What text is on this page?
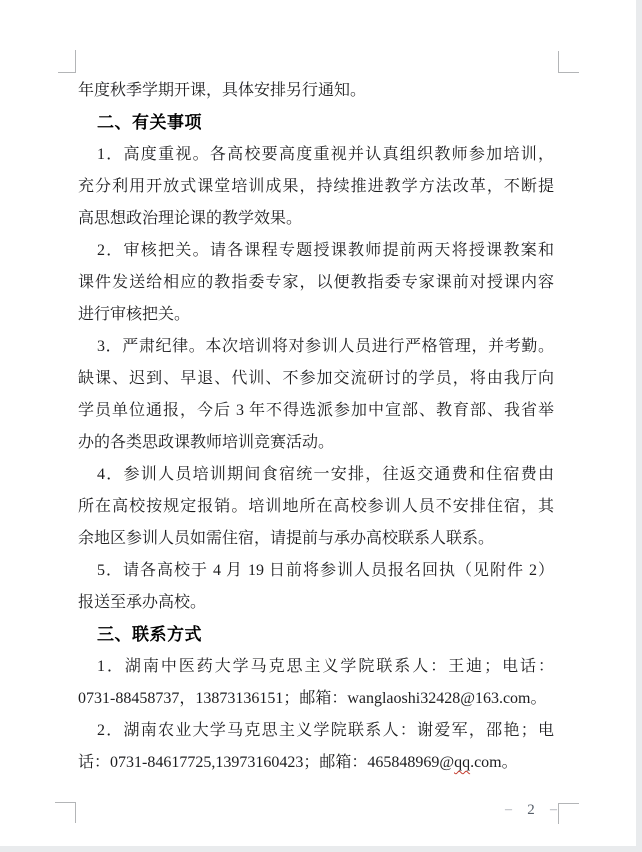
年度秋季学期开课，具体安排另行通知。
二、有关事项
1．高度重视。各高校要高度重视并认真组织教师参加培训，
充分利用开放式课堂培训成果，持续推进教学方法改革，不断提
高思想政治理论课的教学效果。
2．审核把关。请各课程专题授课教师提前两天将授课教案和
课件发送给相应的教指委专家，以便教指委专家课前对授课内容
进行审核把关。
3．严肃纪律。本次培训将对参训人员进行严格管理，并考勤。
缺课、迟到、早退、代训、不参加交流研讨的学员，将由我厅向
学员单位通报，今后 3 年不得选派参加中宣部、教育部、我省举
办的各类思政课教师培训竞赛活动。
4．参训人员培训期间食宿统一安排，往返交通费和住宿费由
所在高校按规定报销。培训地所在高校参训人员不安排住宿，其
余地区参训人员如需住宿，请提前与承办高校联系人联系。
5．请各高校于 4 月 19 日前将参训人员报名回执（见附件 2）
报送至承办高校。
三、联系方式
1．湖南中医药大学马克思主义学院联系人：王迪；电话：
0731-88458737，13873136151；邮箱：wanglaoshi32428@163.com。
2．湖南农业大学马克思主义学院联系人：谢爱军，邵艳；电
话：0731-84617725,13973160423；邮箱：465848969@qq.com。
– 2 –
